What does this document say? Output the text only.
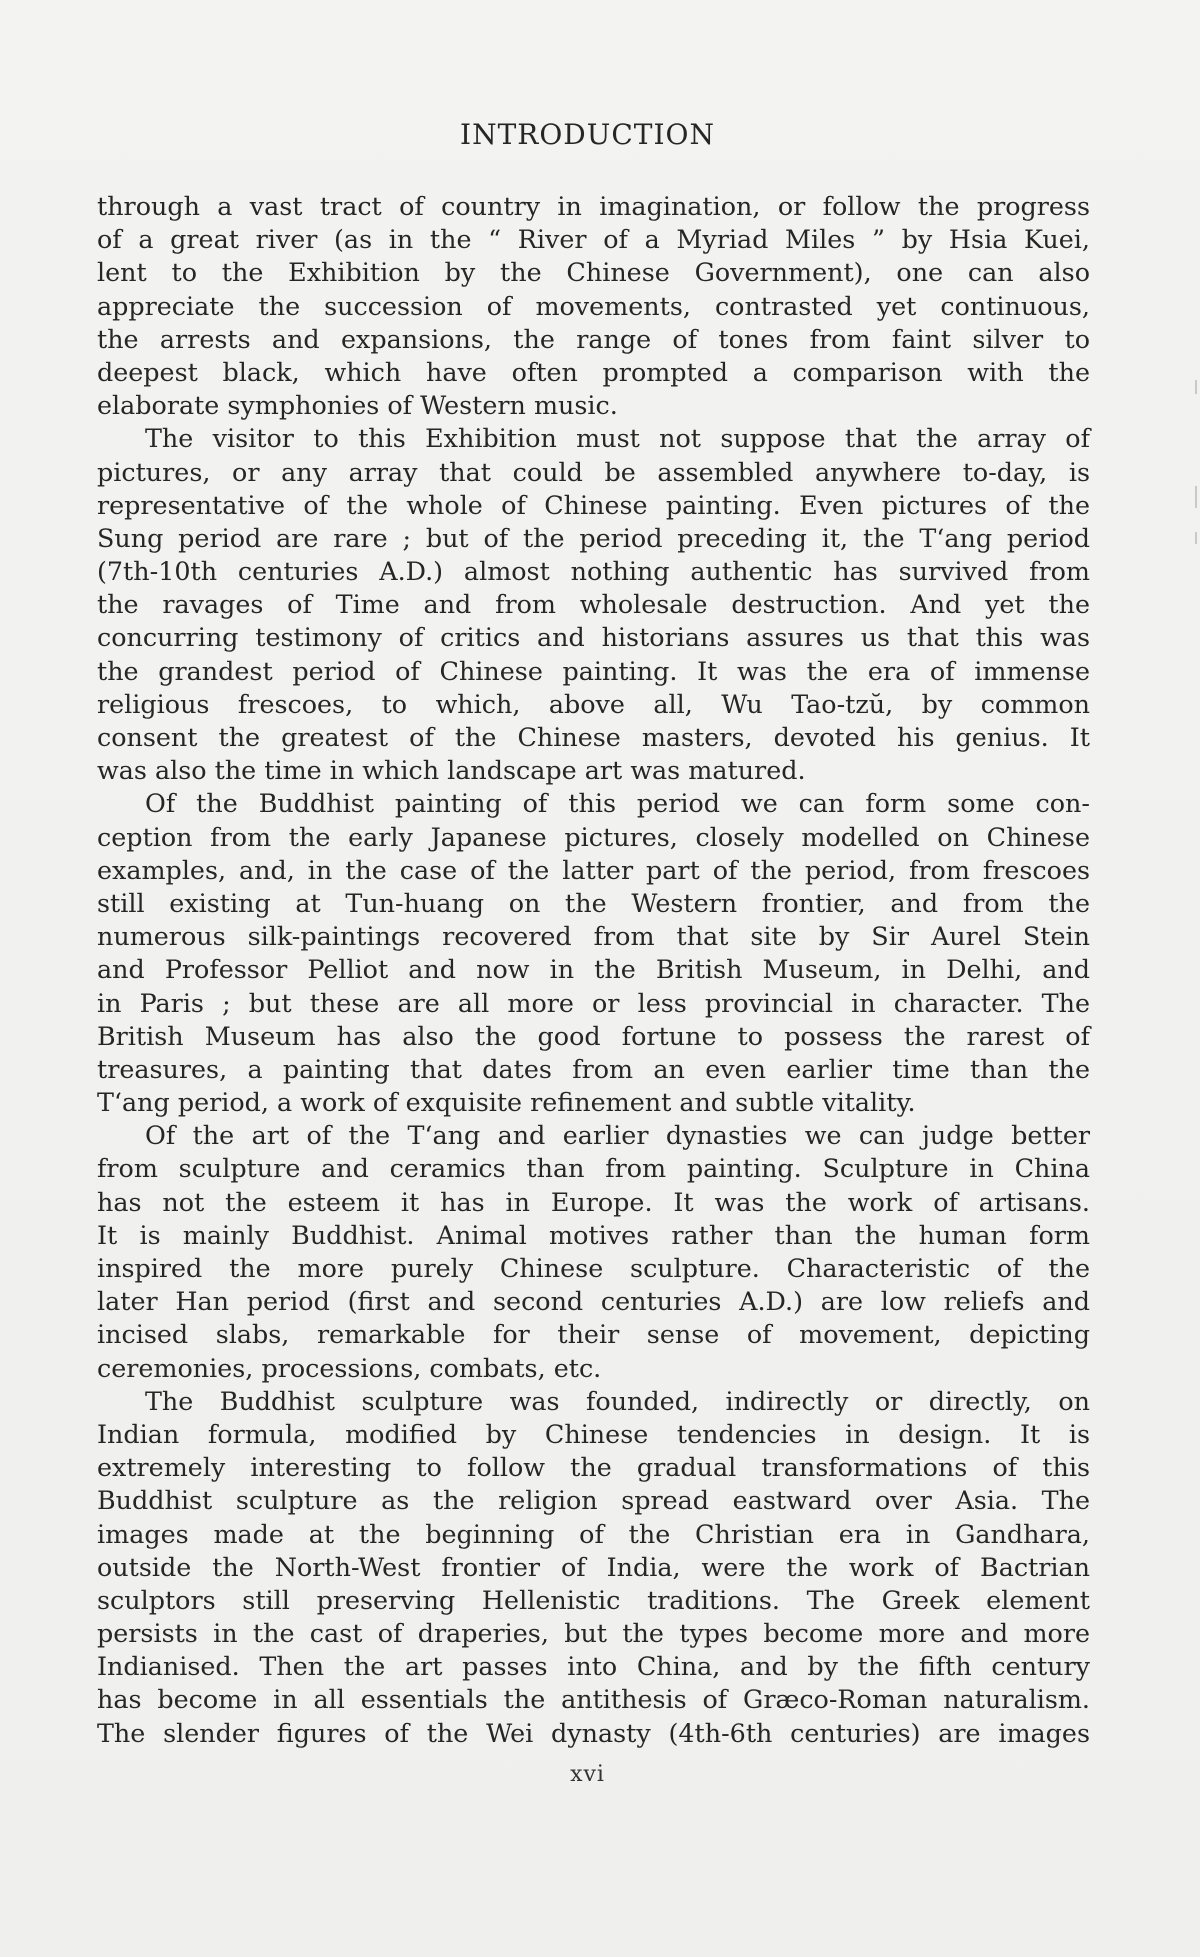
INTRODUCTION
through a vast tract of country in imagination, or follow the progress
of a great river (as in the “ River of a Myriad Miles ” by Hsia Kuei,
lent to the Exhibition by the Chinese Government), one can also
appreciate the succession of movements, contrasted yet continuous,
the arrests and expansions, the range of tones from faint silver to
deepest black, which have often prompted a comparison with the
elaborate symphonies of Western music.
The visitor to this Exhibition must not suppose that the array of
pictures, or any array that could be assembled anywhere to-day, is
representative of the whole of Chinese painting. Even pictures of the
Sung period are rare ; but of the period preceding it, the T‘ang period
(7th-10th centuries A.D.) almost nothing authentic has survived from
the ravages of Time and from wholesale destruction. And yet the
concurring testimony of critics and historians assures us that this was
the grandest period of Chinese painting. It was the era of immense
religious frescoes, to which, above all, Wu Tao-tzŭ, by common
consent the greatest of the Chinese masters, devoted his genius. It
was also the time in which landscape art was matured.
Of the Buddhist painting of this period we can form some con-
ception from the early Japanese pictures, closely modelled on Chinese
examples, and, in the case of the latter part of the period, from frescoes
still existing at Tun-huang on the Western frontier, and from the
numerous silk-paintings recovered from that site by Sir Aurel Stein
and Professor Pelliot and now in the British Museum, in Delhi, and
in Paris ; but these are all more or less provincial in character. The
British Museum has also the good fortune to possess the rarest of
treasures, a painting that dates from an even earlier time than the
T‘ang period, a work of exquisite refinement and subtle vitality.
Of the art of the T‘ang and earlier dynasties we can judge better
from sculpture and ceramics than from painting. Sculpture in China
has not the esteem it has in Europe. It was the work of artisans.
It is mainly Buddhist. Animal motives rather than the human form
inspired the more purely Chinese sculpture. Characteristic of the
later Han period (first and second centuries A.D.) are low reliefs and
incised slabs, remarkable for their sense of movement, depicting
ceremonies, processions, combats, etc.
The Buddhist sculpture was founded, indirectly or directly, on
Indian formula, modified by Chinese tendencies in design. It is
extremely interesting to follow the gradual transformations of this
Buddhist sculpture as the religion spread eastward over Asia. The
images made at the beginning of the Christian era in Gandhara,
outside the North-West frontier of India, were the work of Bactrian
sculptors still preserving Hellenistic traditions. The Greek element
persists in the cast of draperies, but the types become more and more
Indianised. Then the art passes into China, and by the fifth century
has become in all essentials the antithesis of Græco-Roman naturalism.
The slender figures of the Wei dynasty (4th-6th centuries) are images
xvi
